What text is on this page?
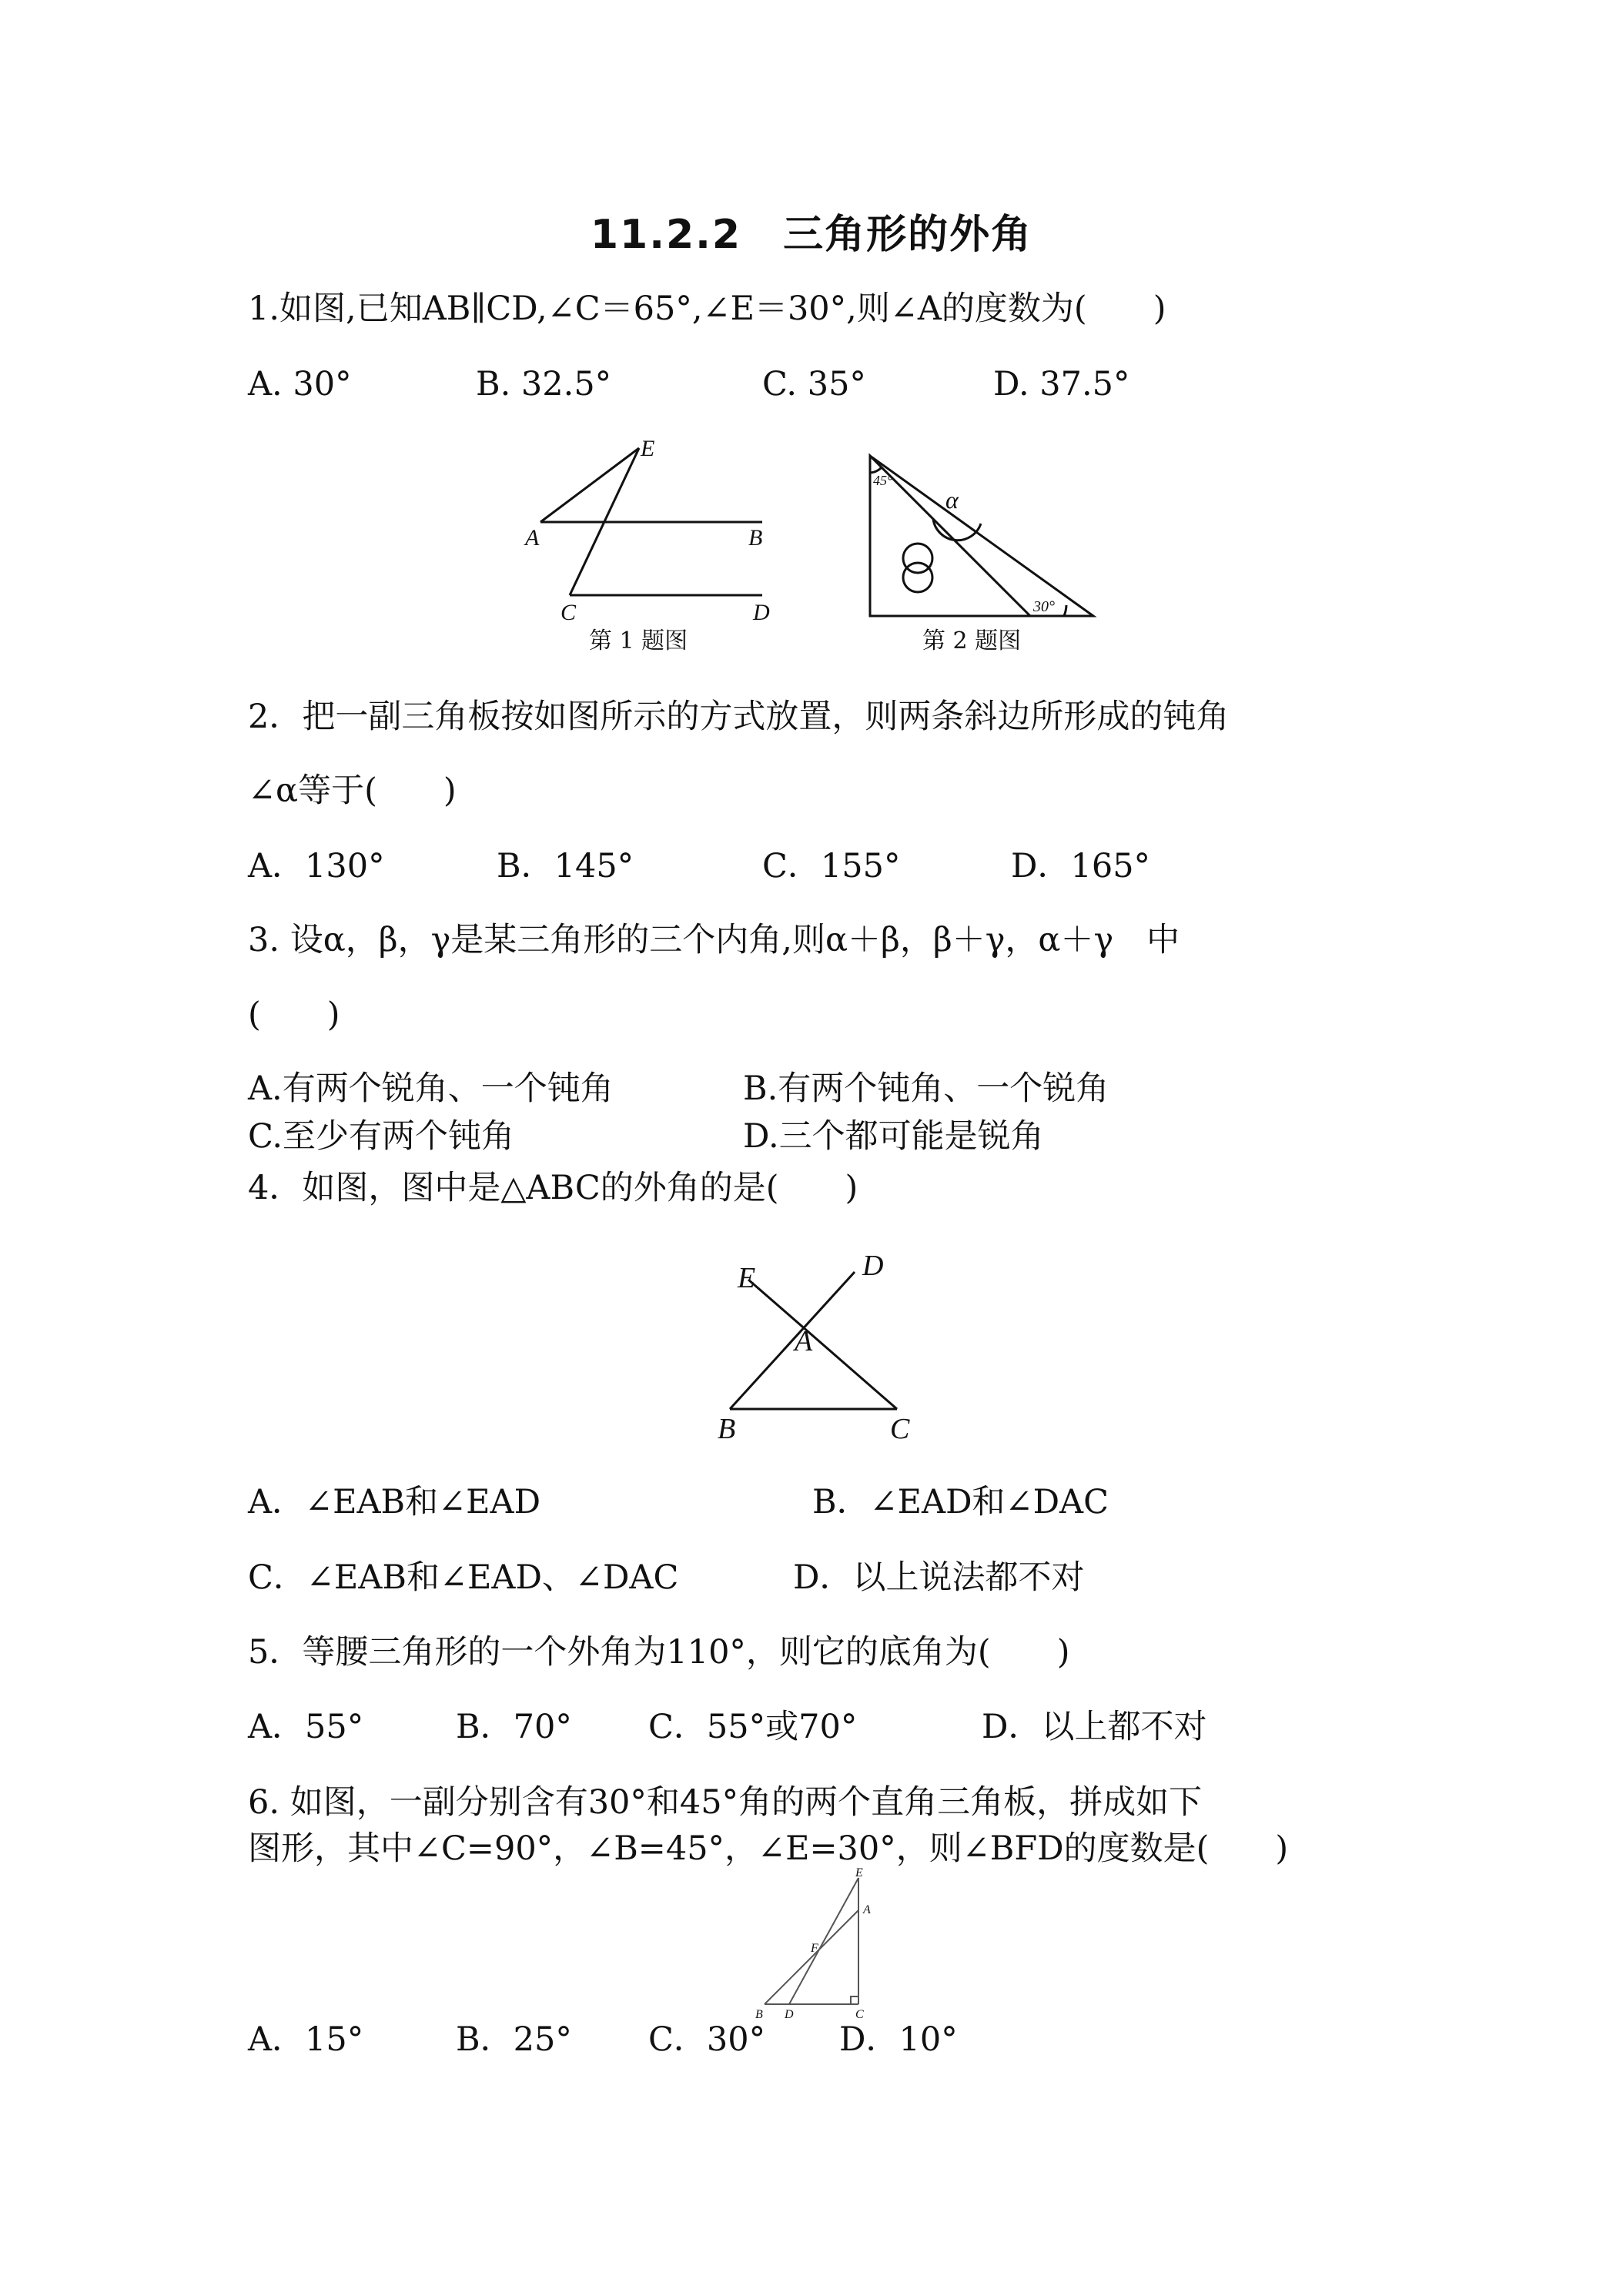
11.2.2　三角形的外角
1.如图,已知AB∥CD,∠C＝65°,∠E＝30°,则∠A的度数为(　　)
A. 30°	B. 32.5°	C. 35°	D. 37.5°
E
A	B
C	D
第 1 题图
45°
α
30°
第 2 题图
2．把一副三角板按如图所示的方式放置，则两条斜边所形成的钝角
∠α等于(　　)
A．130°	B．145°	C．155°	D．165°
3. 设α，β，γ是某三角形的三个内角,则α＋β，β＋γ，α＋γ　中
(　　)
A.有两个锐角、一个钝角	B.有两个钝角、一个锐角
C.至少有两个钝角	D.三个都可能是锐角
4．如图，图中是△ABC的外角的是(　　)
E	D
A
B	C
A．∠EAB和∠EAD	B．∠EAD和∠DAC
C．∠EAB和∠EAD、∠DAC	D．以上说法都不对
5．等腰三角形的一个外角为110°，则它的底角为(　　)
A．55°	B．70° C．55°或70°	D．以上都不对
6. 如图，一副分别含有30°和45°角的两个直角三角板，拼成如下
图形，其中∠C=90°，∠B=45°，∠E=30°，则∠BFD的度数是(　　)
E
A
F
B D	C
A．15°	B．25° C．30° D．10°
